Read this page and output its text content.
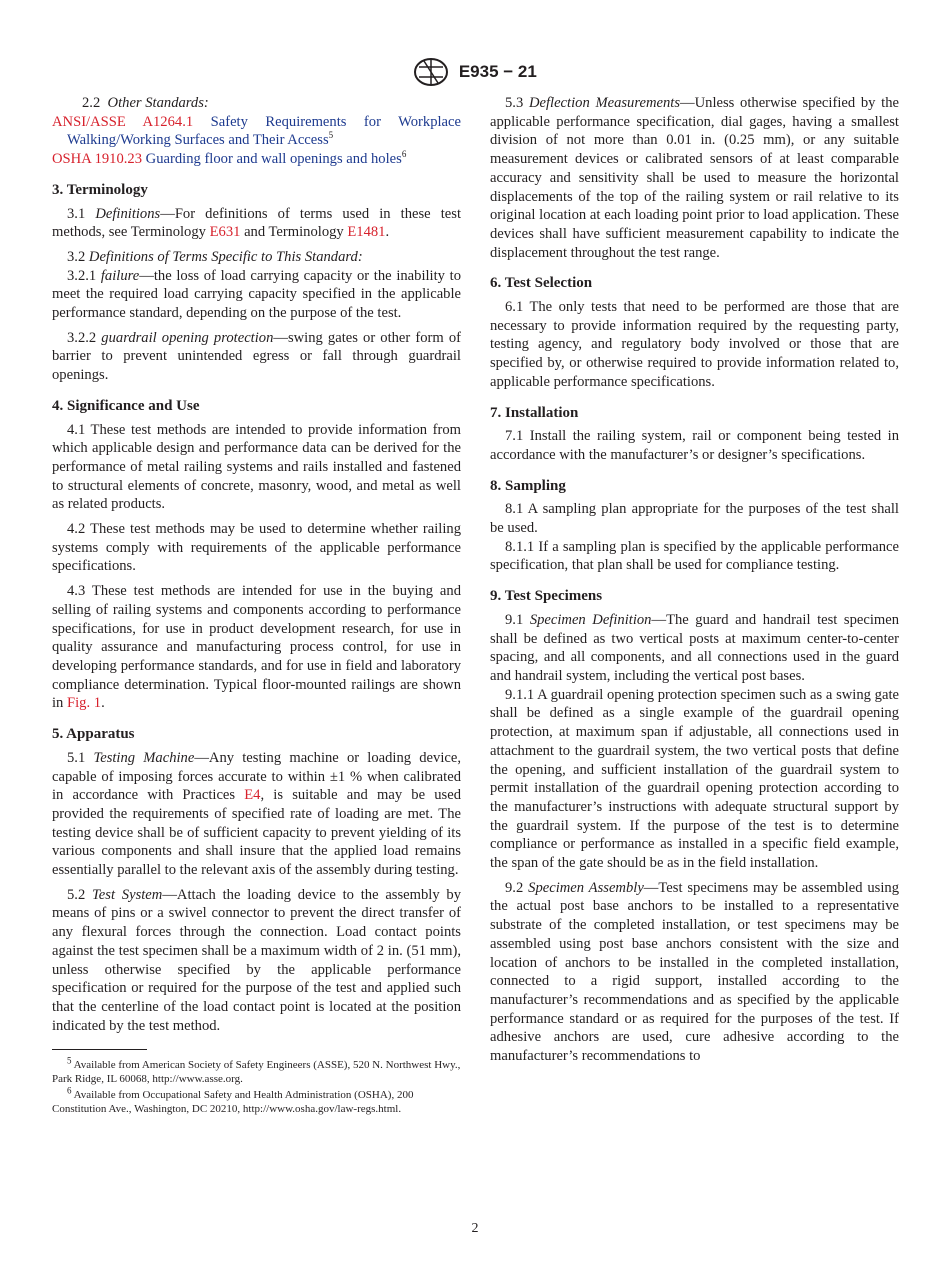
E935 − 21

2.2 Other Standards:

ANSI/ASSE A1264.1 Safety Requirements for Workplace Walking/Working Surfaces and Their Access$^5$

OSHA 1910.23 Guarding floor and wall openings and holes$^6$

3. Terminology

3.1 Definitions—For definitions of terms used in these test methods, see Terminology E631 and Terminology E1481.

3.2 Definitions of Terms Specific to This Standard:

3.2.1 failure—the loss of load carrying capacity or the inability to meet the required load carrying capacity specified in the applicable performance standard, depending on the purpose of the test.

3.2.2 guardrail opening protection—swing gates or other form of barrier to prevent unintended egress or fall through guardrail openings.

4. Significance and Use

4.1 These test methods are intended to provide information from which applicable design and performance data can be derived for the performance of metal railing systems and rails installed and fastened to structural elements of concrete, masonry, wood, and metal as well as related products.

4.2 These test methods may be used to determine whether railing systems comply with requirements of the applicable performance specifications.

4.3 These test methods are intended for use in the buying and selling of railing systems and components according to performance specifications, for use in product development research, for use in quality assurance and manufacturing process control, for use in developing performance standards, and for use in field and laboratory compliance determination. Typical floor-mounted railings are shown in Fig. 1.

5. Apparatus

5.1 Testing Machine—Any testing machine or loading device, capable of imposing forces accurate to within ±1 % when calibrated in accordance with Practices E4, is suitable and may be used provided the requirements of specified rate of loading are met. The testing device shall be of sufficient capacity to prevent yielding of its various components and shall insure that the applied load remains essentially parallel to the relevant axis of the assembly during testing.

5.2 Test System—Attach the loading device to the assembly by means of pins or a swivel connector to prevent the direct transfer of any flexural forces through the connection. Load contact points against the test specimen shall be a maximum width of 2 in. (51 mm), unless otherwise specified by the applicable performance specification or required for the purpose of the test and applied such that the centerline of the load contact point is located at the position indicated by the test method.

$^5$ Available from American Society of Safety Engineers (ASSE), 520 N. Northwest Hwy., Park Ridge, IL 60068, http://www.asse.org.

$^6$ Available from Occupational Safety and Health Administration (OSHA), 200 Constitution Ave., Washington, DC 20210, http://www.osha.gov/law-regs.html.

5.3 Deflection Measurements—Unless otherwise specified by the applicable performance specification, dial gages, having a smallest division of not more than 0.01 in. (0.25 mm), or any suitable measurement devices or calibrated sensors of at least comparable accuracy and sensitivity shall be used to measure the horizontal displacements of the top of the railing system or rail relative to its original location at each loading point prior to load application. These devices shall have sufficient measurement capability to indicate the displacement throughout the test range.

6. Test Selection

6.1 The only tests that need to be performed are those that are necessary to provide information required by the requesting party, testing agency, and regulatory body involved or those that are specified by, or otherwise required to provide information related to, applicable performance specifications.

7. Installation

7.1 Install the railing system, rail or component being tested in accordance with the manufacturer’s or designer’s specifications.

8. Sampling

8.1 A sampling plan appropriate for the purposes of the test shall be used.

8.1.1 If a sampling plan is specified by the applicable performance specification, that plan shall be used for compliance testing.

9. Test Specimens

9.1 Specimen Definition—The guard and handrail test specimen shall be defined as two vertical posts at maximum center-to-center spacing, and all components, and all connections used in the guard and handrail system, including the vertical post bases.

9.1.1 A guardrail opening protection specimen such as a swing gate shall be defined as a single example of the guardrail opening protection, at maximum span if adjustable, all connections used in attachment to the guardrail system, the two vertical posts that define the opening, and sufficient installation of the guardrail system to permit installation of the guardrail opening protection according to the manufacturer’s instructions with adequate structural support by the guardrail system. If the purpose of the test is to determine compliance or performance as installed in a specific field example, the span of the gate should be as in the field installation.

9.2 Specimen Assembly—Test specimens may be assembled using the actual post base anchors to be installed to a representative substrate of the completed installation, or test specimens may be assembled using post base anchors consistent with the size and location of anchors to be installed in the completed installation, connected to a rigid support, installed according to the manufacturer’s recommendations and as specified by the applicable performance standard or as required for the purposes of the test. If adhesive anchors are used, cure adhesive according to the manufacturer’s recommendations to

2
